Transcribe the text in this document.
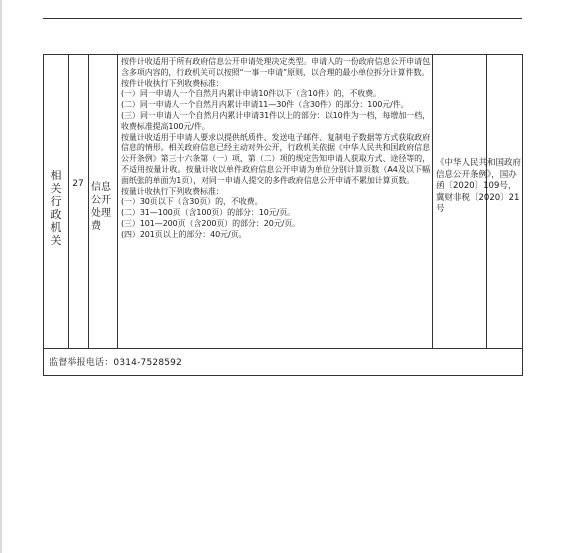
相关行政机关
27 信息公开处理费

按件计收适用于所有政府信息公开申请处理决定类型。申请人的一份政府信息公开申请包含多项内容的，行政机关可以按照“一事一申请”原则，以合理的最小单位拆分计算件数。

按件计收执行下列收费标准：

(一）同一申请人一个自然月内累计申请10件以下（含10件）的，不收费。

(二）同一申请人一个自然月内累计申请11—30件（含30件）的部分：100元/件。

(三）同一申请人一个自然月内累计申请31件以上的部分：以10件为一档，每增加一档，收费标准提高100元/件。

按量计收适用于申请人要求以提供纸质件、发送电子邮件、复制电子数据等方式获取政府信息的情形。相关政府信息已经主动对外公开，行政机关依据《中华人民共和国政府信息公开条例》第三十六条第（一）项、第（二）项的规定告知申请人获取方式、途径等的，不适用按量计收。按量计收以单件政府信息公开申请为单位分别计算页数（A4及以下幅面纸张的单面为1页），对同一申请人提交的多件政府信息公开申请不累加计算页数。

按量计收执行下列收费标准：

(一）30页以下（含30页）的，不收费。

(二）31—100页（含100页）的部分：10元/页。

(三）101—200页（含200页）的部分：20元/页。

(四）201页以上的部分：40元/页。

《中华人民共和国政府信息公开条例》，国办函〔2020〕109号，冀财非税〔2020〕21号
监督举报电话：0314-7528592
